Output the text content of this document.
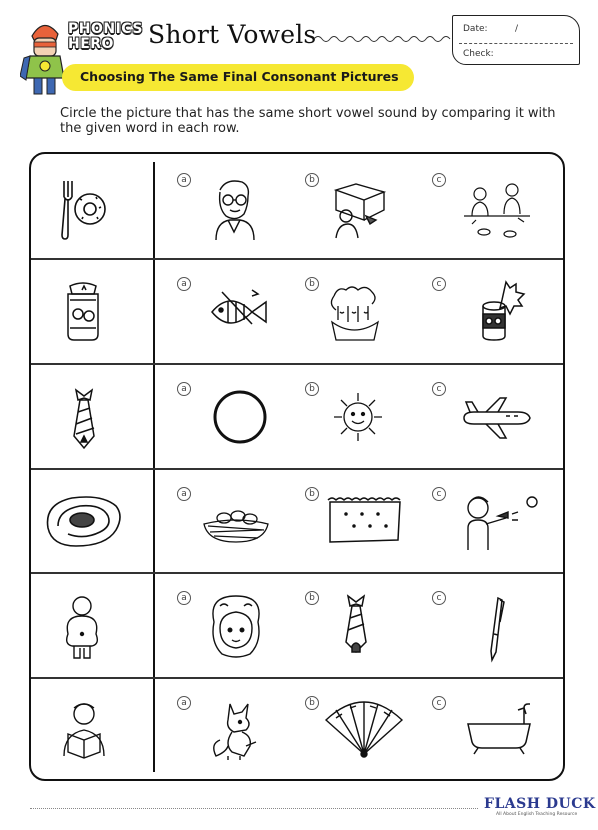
PHONICS
HERO	Short Vowels	Date:	/
Check:
Choosing The Same Final Consonant Pictures
Circle the picture that has the same short vowel sound by comparing it with the given word in each row.
a	b	c
a	b	c
a	b	c
a	b	c
a	b	c
a	b	c
FLASH DUCK
All About English Teaching Resource
